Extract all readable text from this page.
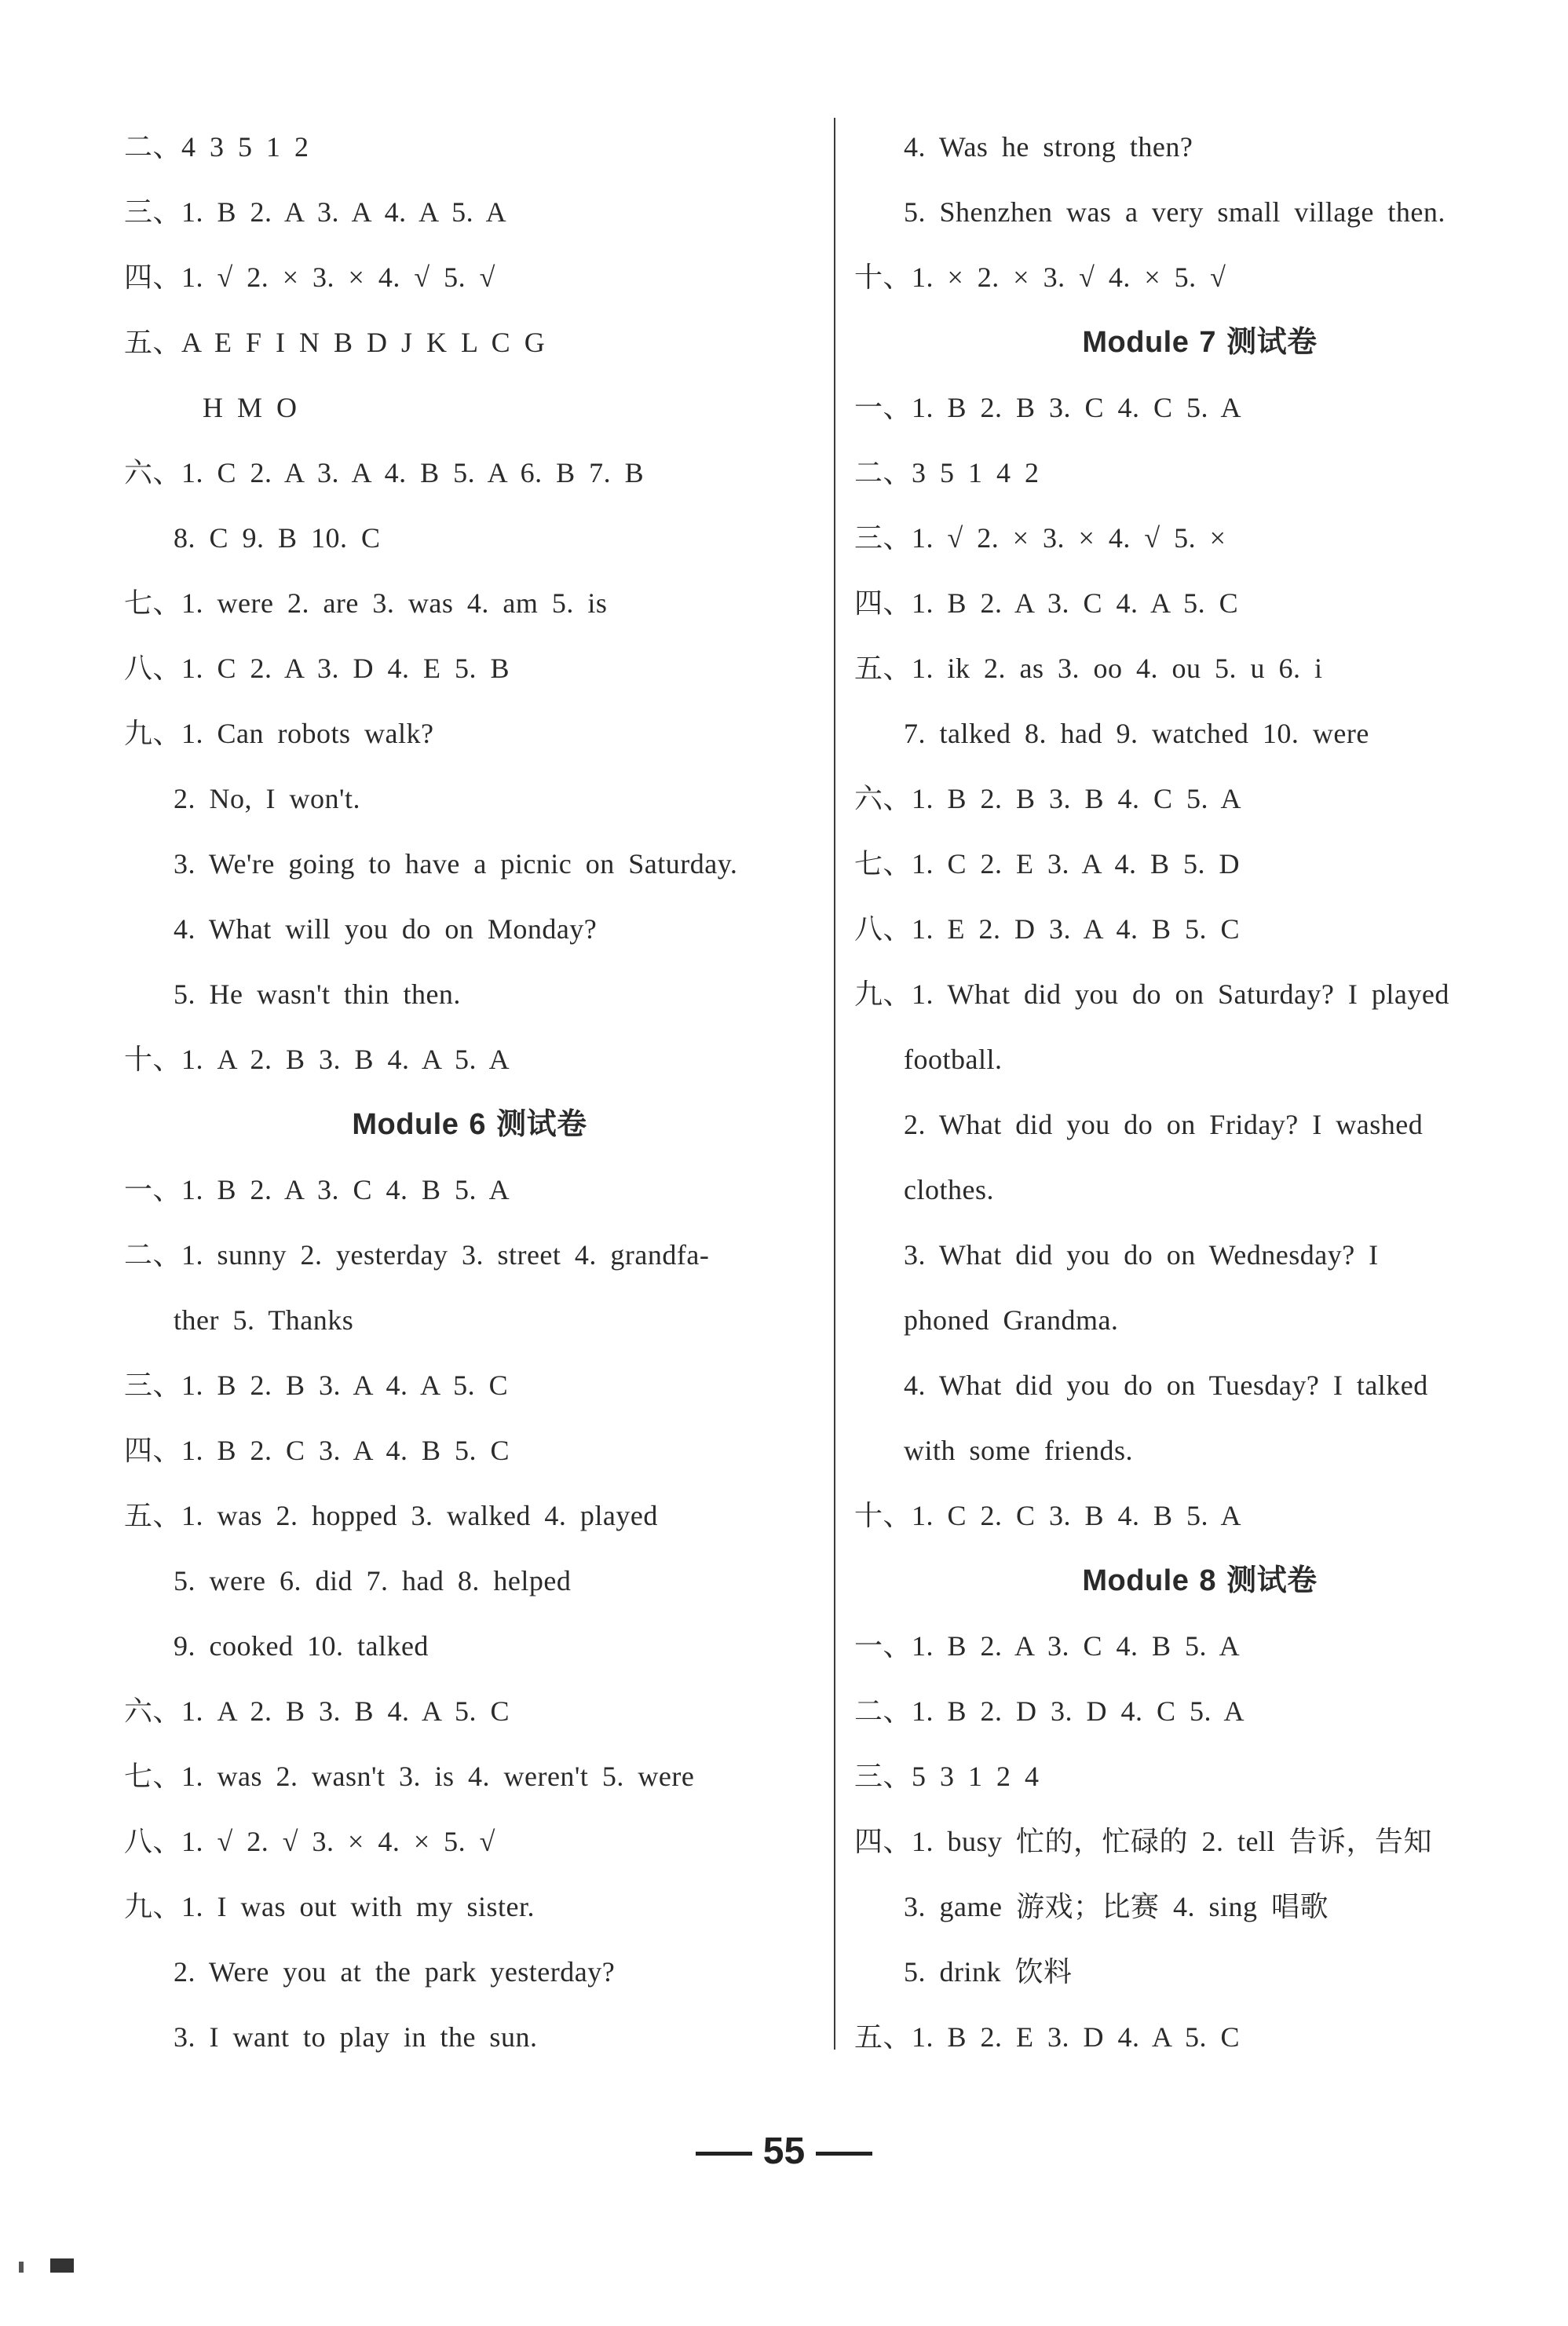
二、4 3 5 1 2
三、1. B 2. A 3. A 4. A 5. A
四、1. √ 2. × 3. × 4. √ 5. √
五、A E F I N B D J K L C G
H M O
六、1. C 2. A 3. A 4. B 5. A 6. B 7. B
8. C 9. B 10. C
七、1. were 2. are 3. was 4. am 5. is
八、1. C 2. A 3. D 4. E 5. B
九、1. Can robots walk?
2. No, I won't.
3. We're going to have a picnic on Saturday.
4. What will you do on Monday?
5. He wasn't thin then.
十、1. A 2. B 3. B 4. A 5. A
Module 6 测试卷
一、1. B 2. A 3. C 4. B 5. A
二、1. sunny 2. yesterday 3. street 4. grandfa-
ther 5. Thanks
三、1. B 2. B 3. A 4. A 5. C
四、1. B 2. C 3. A 4. B 5. C
五、1. was 2. hopped 3. walked 4. played
5. were 6. did 7. had 8. helped
9. cooked 10. talked
六、1. A 2. B 3. B 4. A 5. C
七、1. was 2. wasn't 3. is 4. weren't 5. were
八、1. √ 2. √ 3. × 4. × 5. √
九、1. I was out with my sister.
2. Were you at the park yesterday?
3. I want to play in the sun.
4. Was he strong then?
5. Shenzhen was a very small village then.
十、1. × 2. × 3. √ 4. × 5. √
Module 7 测试卷
一、1. B 2. B 3. C 4. C 5. A
二、3 5 1 4 2
三、1. √ 2. × 3. × 4. √ 5. ×
四、1. B 2. A 3. C 4. A 5. C
五、1. ik 2. as 3. oo 4. ou 5. u 6. i
7. talked 8. had 9. watched 10. were
六、1. B 2. B 3. B 4. C 5. A
七、1. C 2. E 3. A 4. B 5. D
八、1. E 2. D 3. A 4. B 5. C
九、1. What did you do on Saturday? I played
football.
2. What did you do on Friday? I washed
clothes.
3. What did you do on Wednesday? I
phoned Grandma.
4. What did you do on Tuesday? I talked
with some friends.
十、1. C 2. C 3. B 4. B 5. A
Module 8 测试卷
一、1. B 2. A 3. C 4. B 5. A
二、1. B 2. D 3. D 4. C 5. A
三、5 3 1 2 4
四、1. busy 忙的，忙碌的 2. tell 告诉，告知
3. game 游戏；比赛 4. sing 唱歌
5. drink 饮料
五、1. B 2. E 3. D 4. A 5. C
55
